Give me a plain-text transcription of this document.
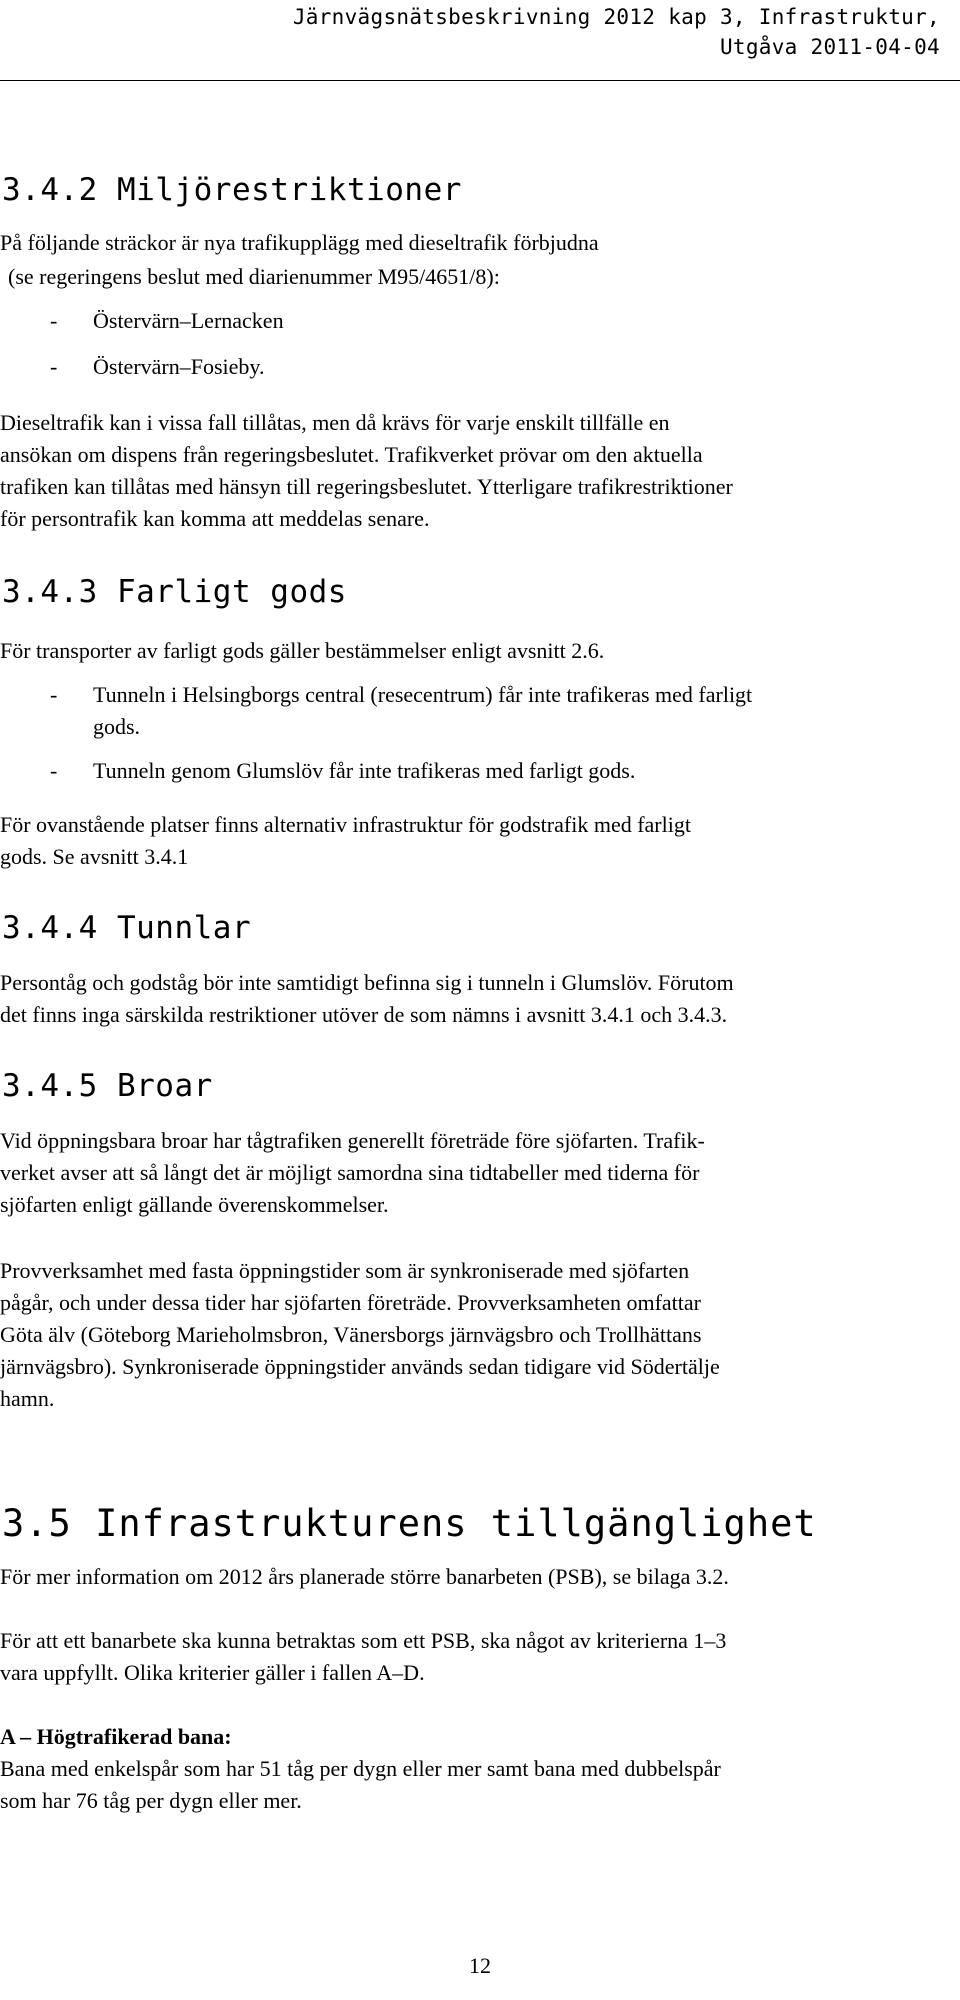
Järnvägsnätsbeskrivning 2012 kap 3, Infrastruktur,
Utgåva 2011-04-04
3.4.2 Miljörestriktioner
På följande sträckor är nya trafikupplägg med dieseltrafik förbjudna
(se regeringens beslut med diarienummer M95/4651/8):
- Östervärn–Lernacken
- Östervärn–Fosieby.
Dieseltrafik kan i vissa fall tillåtas, men då krävs för varje enskilt tillfälle en
ansökan om dispens från regeringsbeslutet. Trafikverket prövar om den aktuella
trafiken kan tillåtas med hänsyn till regeringsbeslutet. Ytterligare trafikrestriktioner
för persontrafik kan komma att meddelas senare.
3.4.3 Farligt gods
För transporter av farligt gods gäller bestämmelser enligt avsnitt 2.6.
- Tunneln i Helsingborgs central (resecentrum) får inte trafikeras med farligt
gods.
- Tunneln genom Glumslöv får inte trafikeras med farligt gods.
För ovanstående platser finns alternativ infrastruktur för godstrafik med farligt
gods. Se avsnitt 3.4.1
3.4.4 Tunnlar
Persontåg och godståg bör inte samtidigt befinna sig i tunneln i Glumslöv. Förutom
det finns inga särskilda restriktioner utöver de som nämns i avsnitt 3.4.1 och 3.4.3.
3.4.5 Broar
Vid öppningsbara broar har tågtrafiken generellt företräde före sjöfarten. Trafik-
verket avser att så långt det är möjligt samordna sina tidtabeller med tiderna för
sjöfarten enligt gällande överenskommelser.
Provverksamhet med fasta öppningstider som är synkroniserade med sjöfarten
pågår, och under dessa tider har sjöfarten företräde. Provverksamheten omfattar
Göta älv (Göteborg Marieholmsbron, Vänersborgs järnvägsbro och Trollhättans
järnvägsbro). Synkroniserade öppningstider används sedan tidigare vid Södertälje
hamn.
3.5 Infrastrukturens tillgänglighet
För mer information om 2012 års planerade större banarbeten (PSB), se bilaga 3.2.
För att ett banarbete ska kunna betraktas som ett PSB, ska något av kriterierna 1–3
vara uppfyllt. Olika kriterier gäller i fallen A–D.
A – Högtrafikerad bana:
Bana med enkelspår som har 51 tåg per dygn eller mer samt bana med dubbelspår
som har 76 tåg per dygn eller mer.
12
